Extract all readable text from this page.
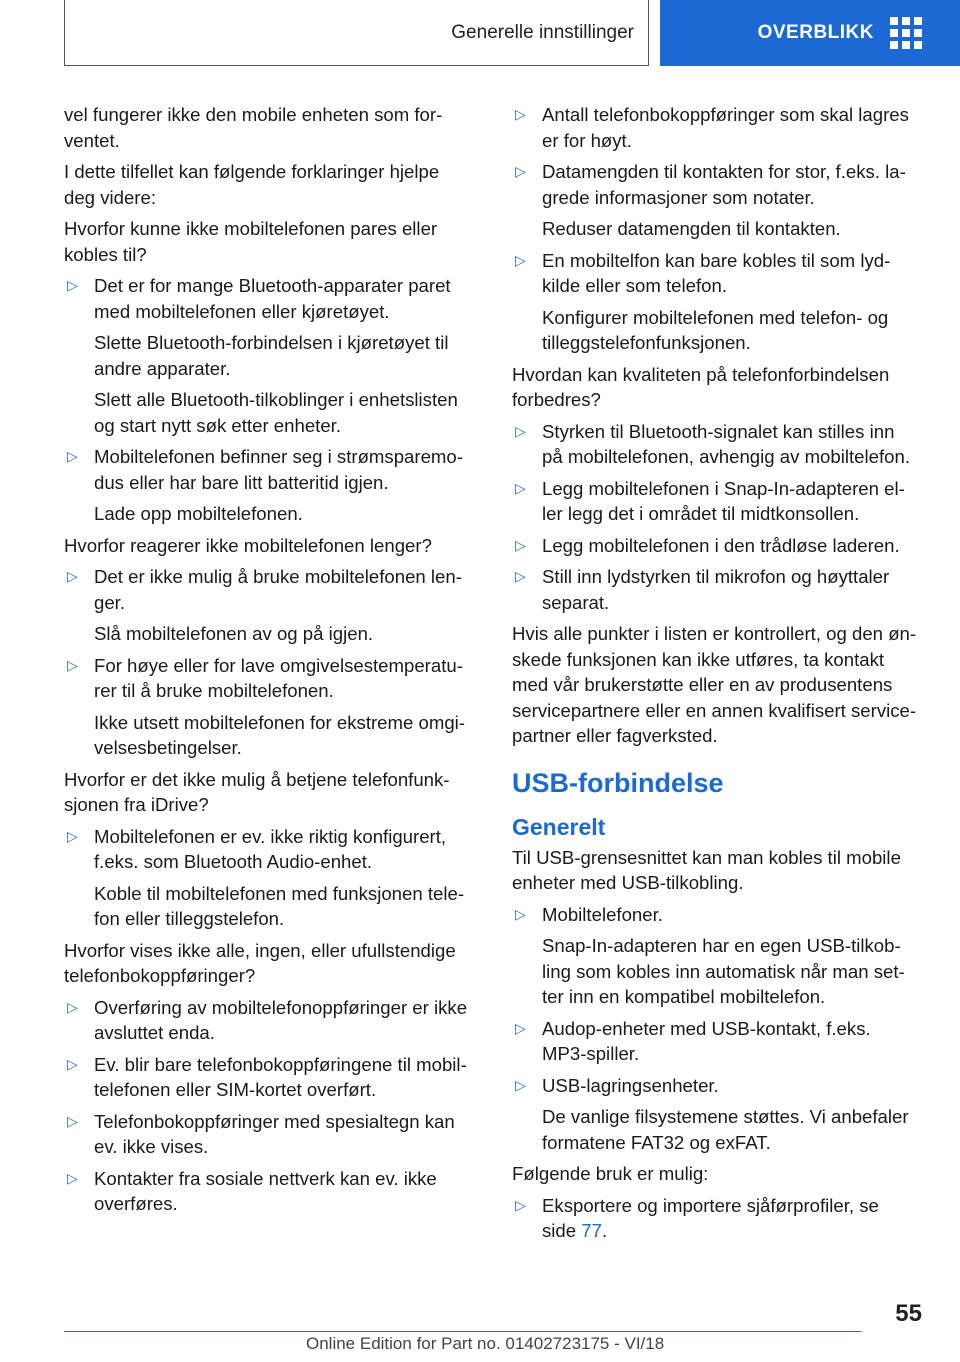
Generelle innstillinger	OVERBLIKK
vel fungerer ikke den mobile enheten som for-
ventet.
I dette tilfellet kan følgende forklaringer hjelpe
deg videre:
Hvorfor kunne ikke mobiltelefonen pares eller
kobles til?
▷ Det er for mange Bluetooth-apparater paret
med mobiltelefonen eller kjøretøyet.
Slette Bluetooth-forbindelsen i kjøretøyet til
andre apparater.
Slett alle Bluetooth-tilkoblinger i enhetslisten
og start nytt søk etter enheter.
▷ Mobiltelefonen befinner seg i strømsparemo-
dus eller har bare litt batteritid igjen.
Lade opp mobiltelefonen.
Hvorfor reagerer ikke mobiltelefonen lenger?
▷ Det er ikke mulig å bruke mobiltelefonen len-
ger.
Slå mobiltelefonen av og på igjen.
▷ For høye eller for lave omgivelsestemperatu-
rer til å bruke mobiltelefonen.
Ikke utsett mobiltelefonen for ekstreme omgi-
velsesbetingelser.
Hvorfor er det ikke mulig å betjene telefonfunk-
sjonen fra iDrive?
▷ Mobiltelefonen er ev. ikke riktig konfigurert,
f.eks. som Bluetooth Audio-enhet.
Koble til mobiltelefonen med funksjonen tele-
fon eller tilleggstelefon.
Hvorfor vises ikke alle, ingen, eller ufullstendige
telefonbokoppføringer?
▷ Overføring av mobiltelefonoppføringer er ikke
avsluttet enda.
▷ Ev. blir bare telefonbokoppføringene til mobil-
telefonen eller SIM-kortet overført.
▷ Telefonbokoppføringer med spesialtegn kan
ev. ikke vises.
▷ Kontakter fra sosiale nettverk kan ev. ikke
overføres.
▷ Antall telefonbokoppføringer som skal lagres
er for høyt.
▷ Datamengden til kontakten for stor, f.eks. la-
grede informasjoner som notater.
Reduser datamengden til kontakten.
▷ En mobiltelfon kan bare kobles til som lyd-
kilde eller som telefon.
Konfigurer mobiltelefonen med telefon- og
tilleggstelefonfunksjonen.
Hvordan kan kvaliteten på telefonforbindelsen
forbedres?
▷ Styrken til Bluetooth-signalet kan stilles inn
på mobiltelefonen, avhengig av mobiltelefon.
▷ Legg mobiltelefonen i Snap-In-adapteren el-
ler legg det i området til midtkonsollen.
▷ Legg mobiltelefonen i den trådløse laderen.
▷ Still inn lydstyrken til mikrofon og høyttaler
separat.
Hvis alle punkter i listen er kontrollert, og den øn-
skede funksjonen kan ikke utføres, ta kontakt
med vår brukerstøtte eller en av produsentens
servicepartnere eller en annen kvalifisert service-
partner eller fagverksted.
USB-forbindelse
Generelt
Til USB-grensesnittet kan man kobles til mobile
enheter med USB-tilkobling.
▷ Mobiltelefoner.
Snap-In-adapteren har en egen USB-tilkob-
ling som kobles inn automatisk når man set-
ter inn en kompatibel mobiltelefon.
▷ Audop-enheter med USB-kontakt, f.eks.
MP3-spiller.
▷ USB-lagringsenheter.
De vanlige filsystemene støttes. Vi anbefaler
formatene FAT32 og exFAT.
Følgende bruk er mulig:
▷ Eksportere og importere sjåførprofiler, se
side 77.
55
Online Edition for Part no. 01402723175 - VI/18
